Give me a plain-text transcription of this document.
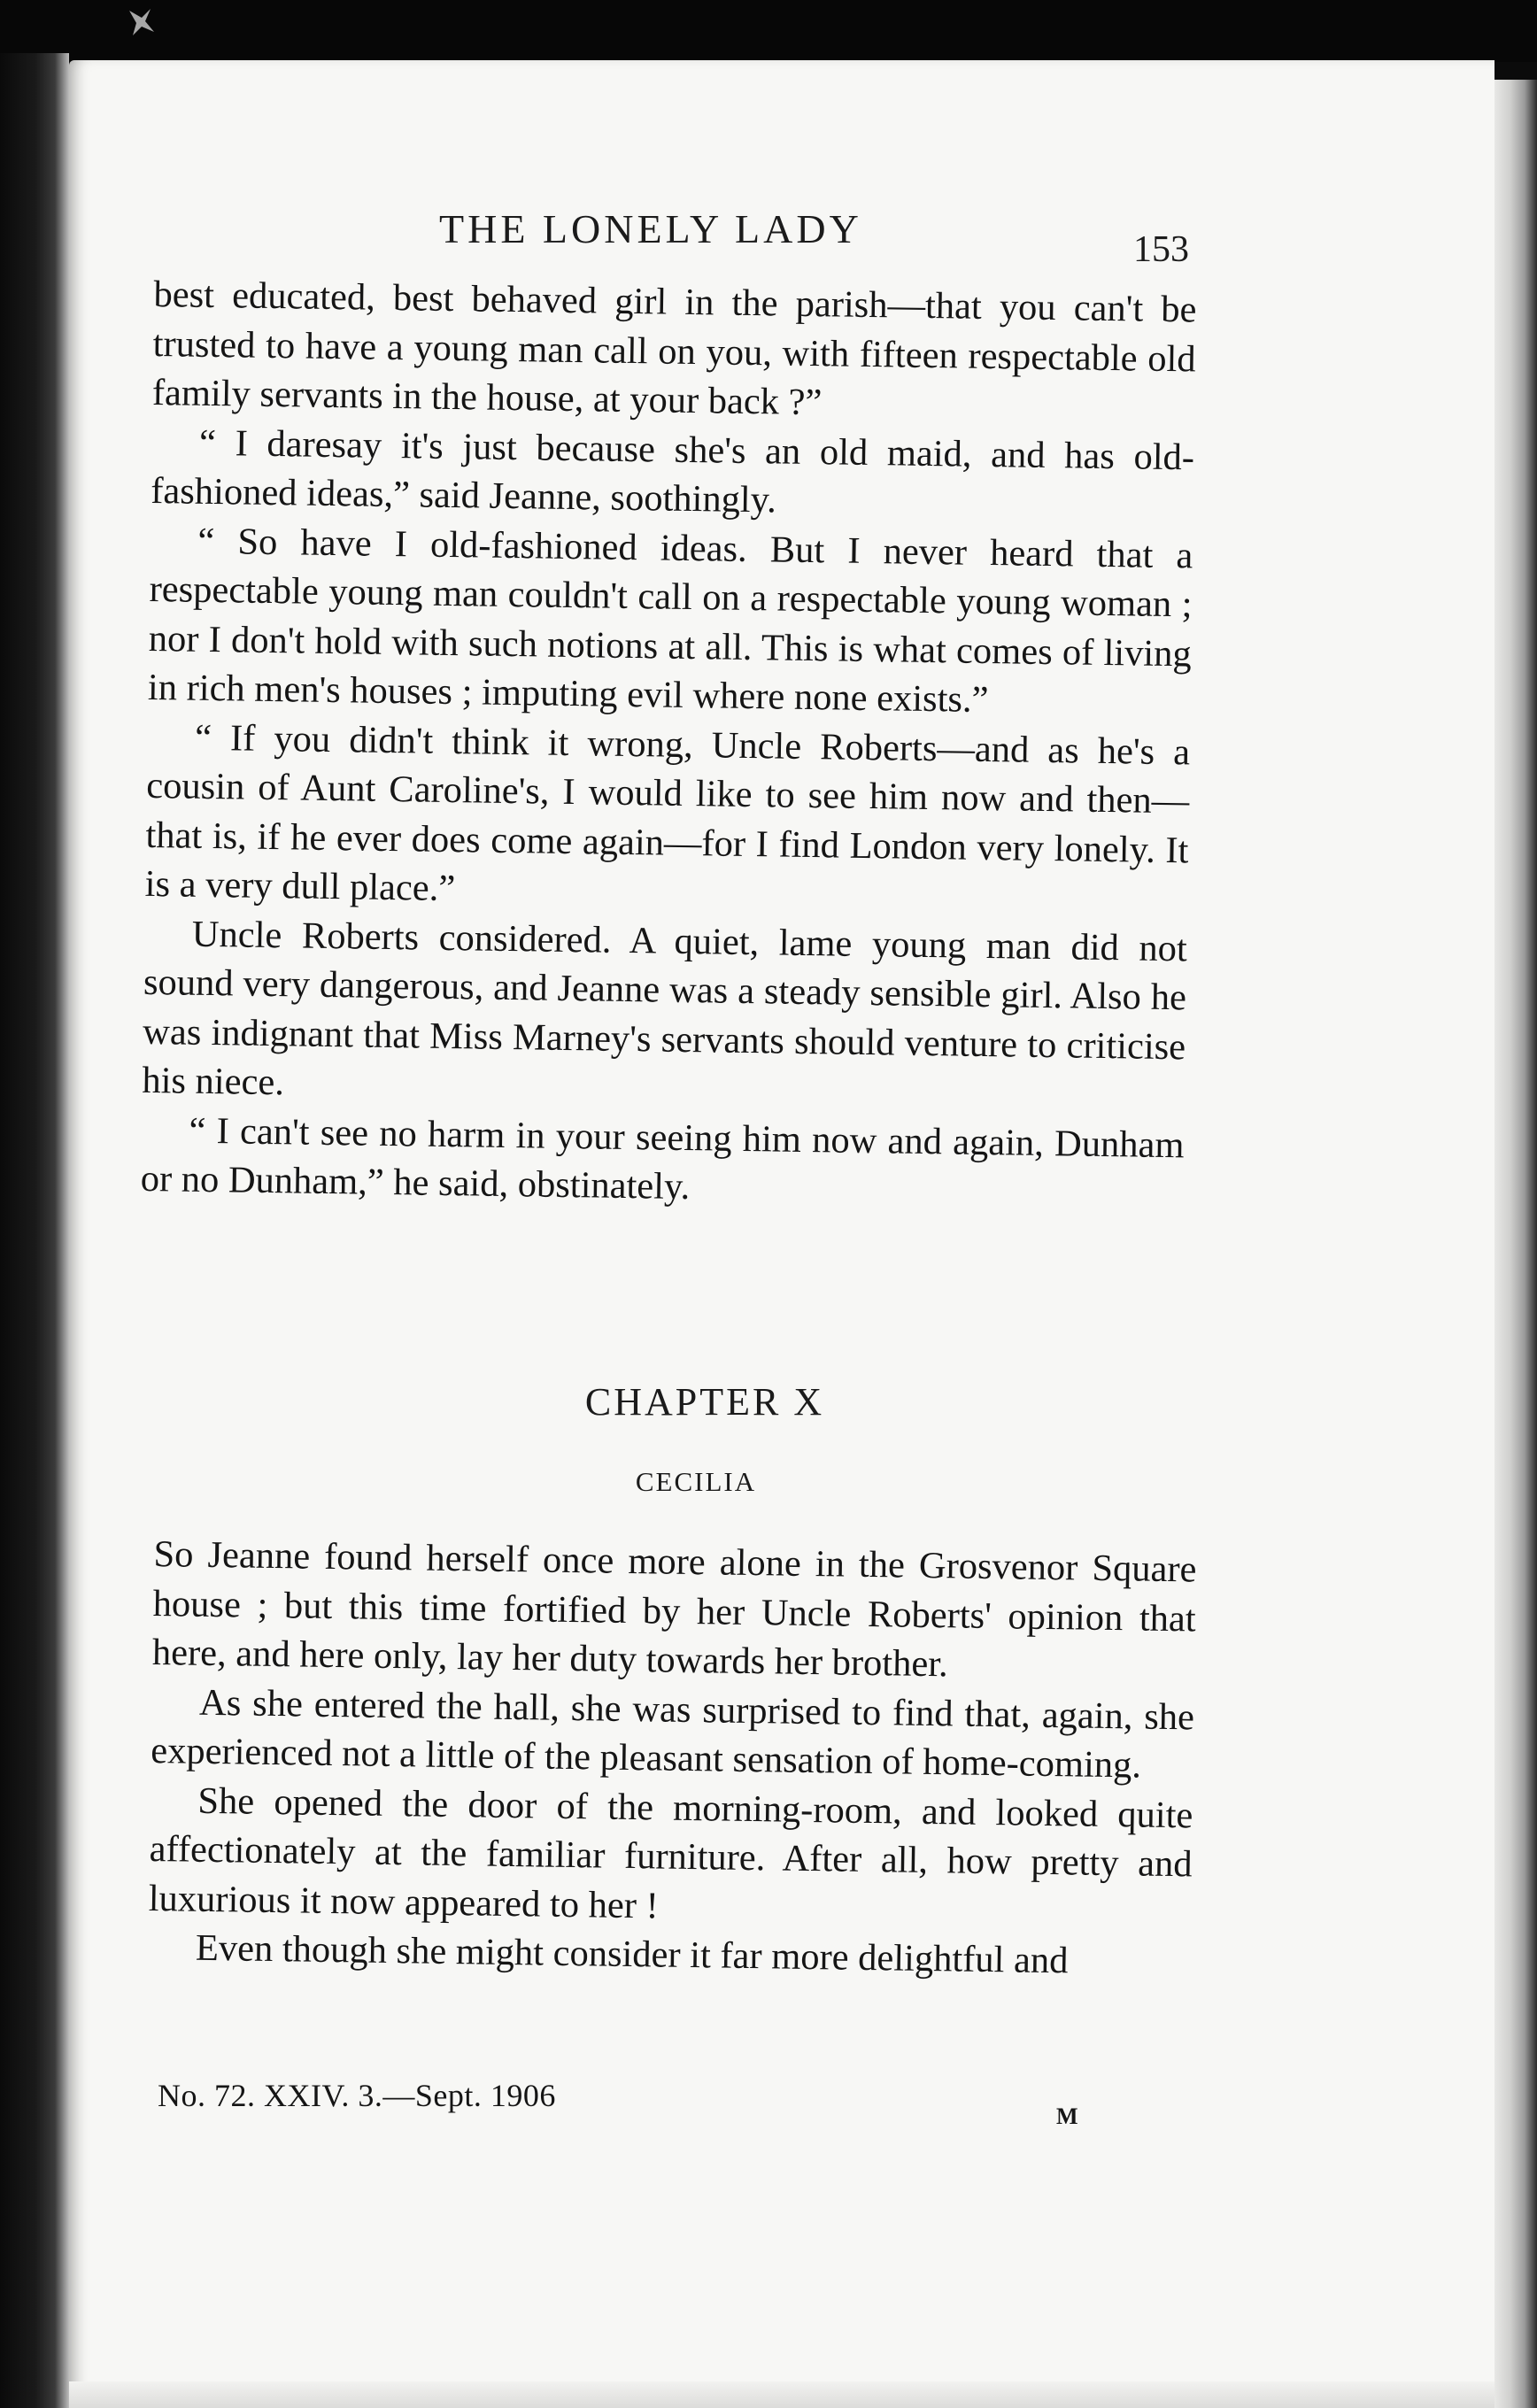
THE LONELY LADY	153

best educated, best behaved girl in the parish—that you can't be trusted to have a young man call on you, with fifteen respectable old family servants in the house, at your back ?”

“ I daresay it's just because she's an old maid, and has old-fashioned ideas,” said Jeanne, soothingly.

“ So have I old-fashioned ideas. But I never heard that a respectable young man couldn't call on a respectable young woman ; nor I don't hold with such notions at all. This is what comes of living in rich men's houses ; imputing evil where none exists.”

“ If you didn't think it wrong, Uncle Roberts—and as he's a cousin of Aunt Caroline's, I would like to see him now and then—that is, if he ever does come again—for I find London very lonely. It is a very dull place.”

Uncle Roberts considered. A quiet, lame young man did not sound very dangerous, and Jeanne was a steady sensible girl. Also he was indignant that Miss Marney's servants should venture to criticise his niece.

“ I can't see no harm in your seeing him now and again, Dunham or no Dunham,” he said, obstinately.

CHAPTER X
CECILIA

So Jeanne found herself once more alone in the Grosvenor Square house ; but this time fortified by her Uncle Roberts' opinion that here, and here only, lay her duty towards her brother.

As she entered the hall, she was surprised to find that, again, she experienced not a little of the pleasant sensation of home-coming.

She opened the door of the morning-room, and looked quite affectionately at the familiar furniture. After all, how pretty and luxurious it now appeared to her !

Even though she might consider it far more delightful and

No. 72. XXIV. 3.—Sept. 1906
M
